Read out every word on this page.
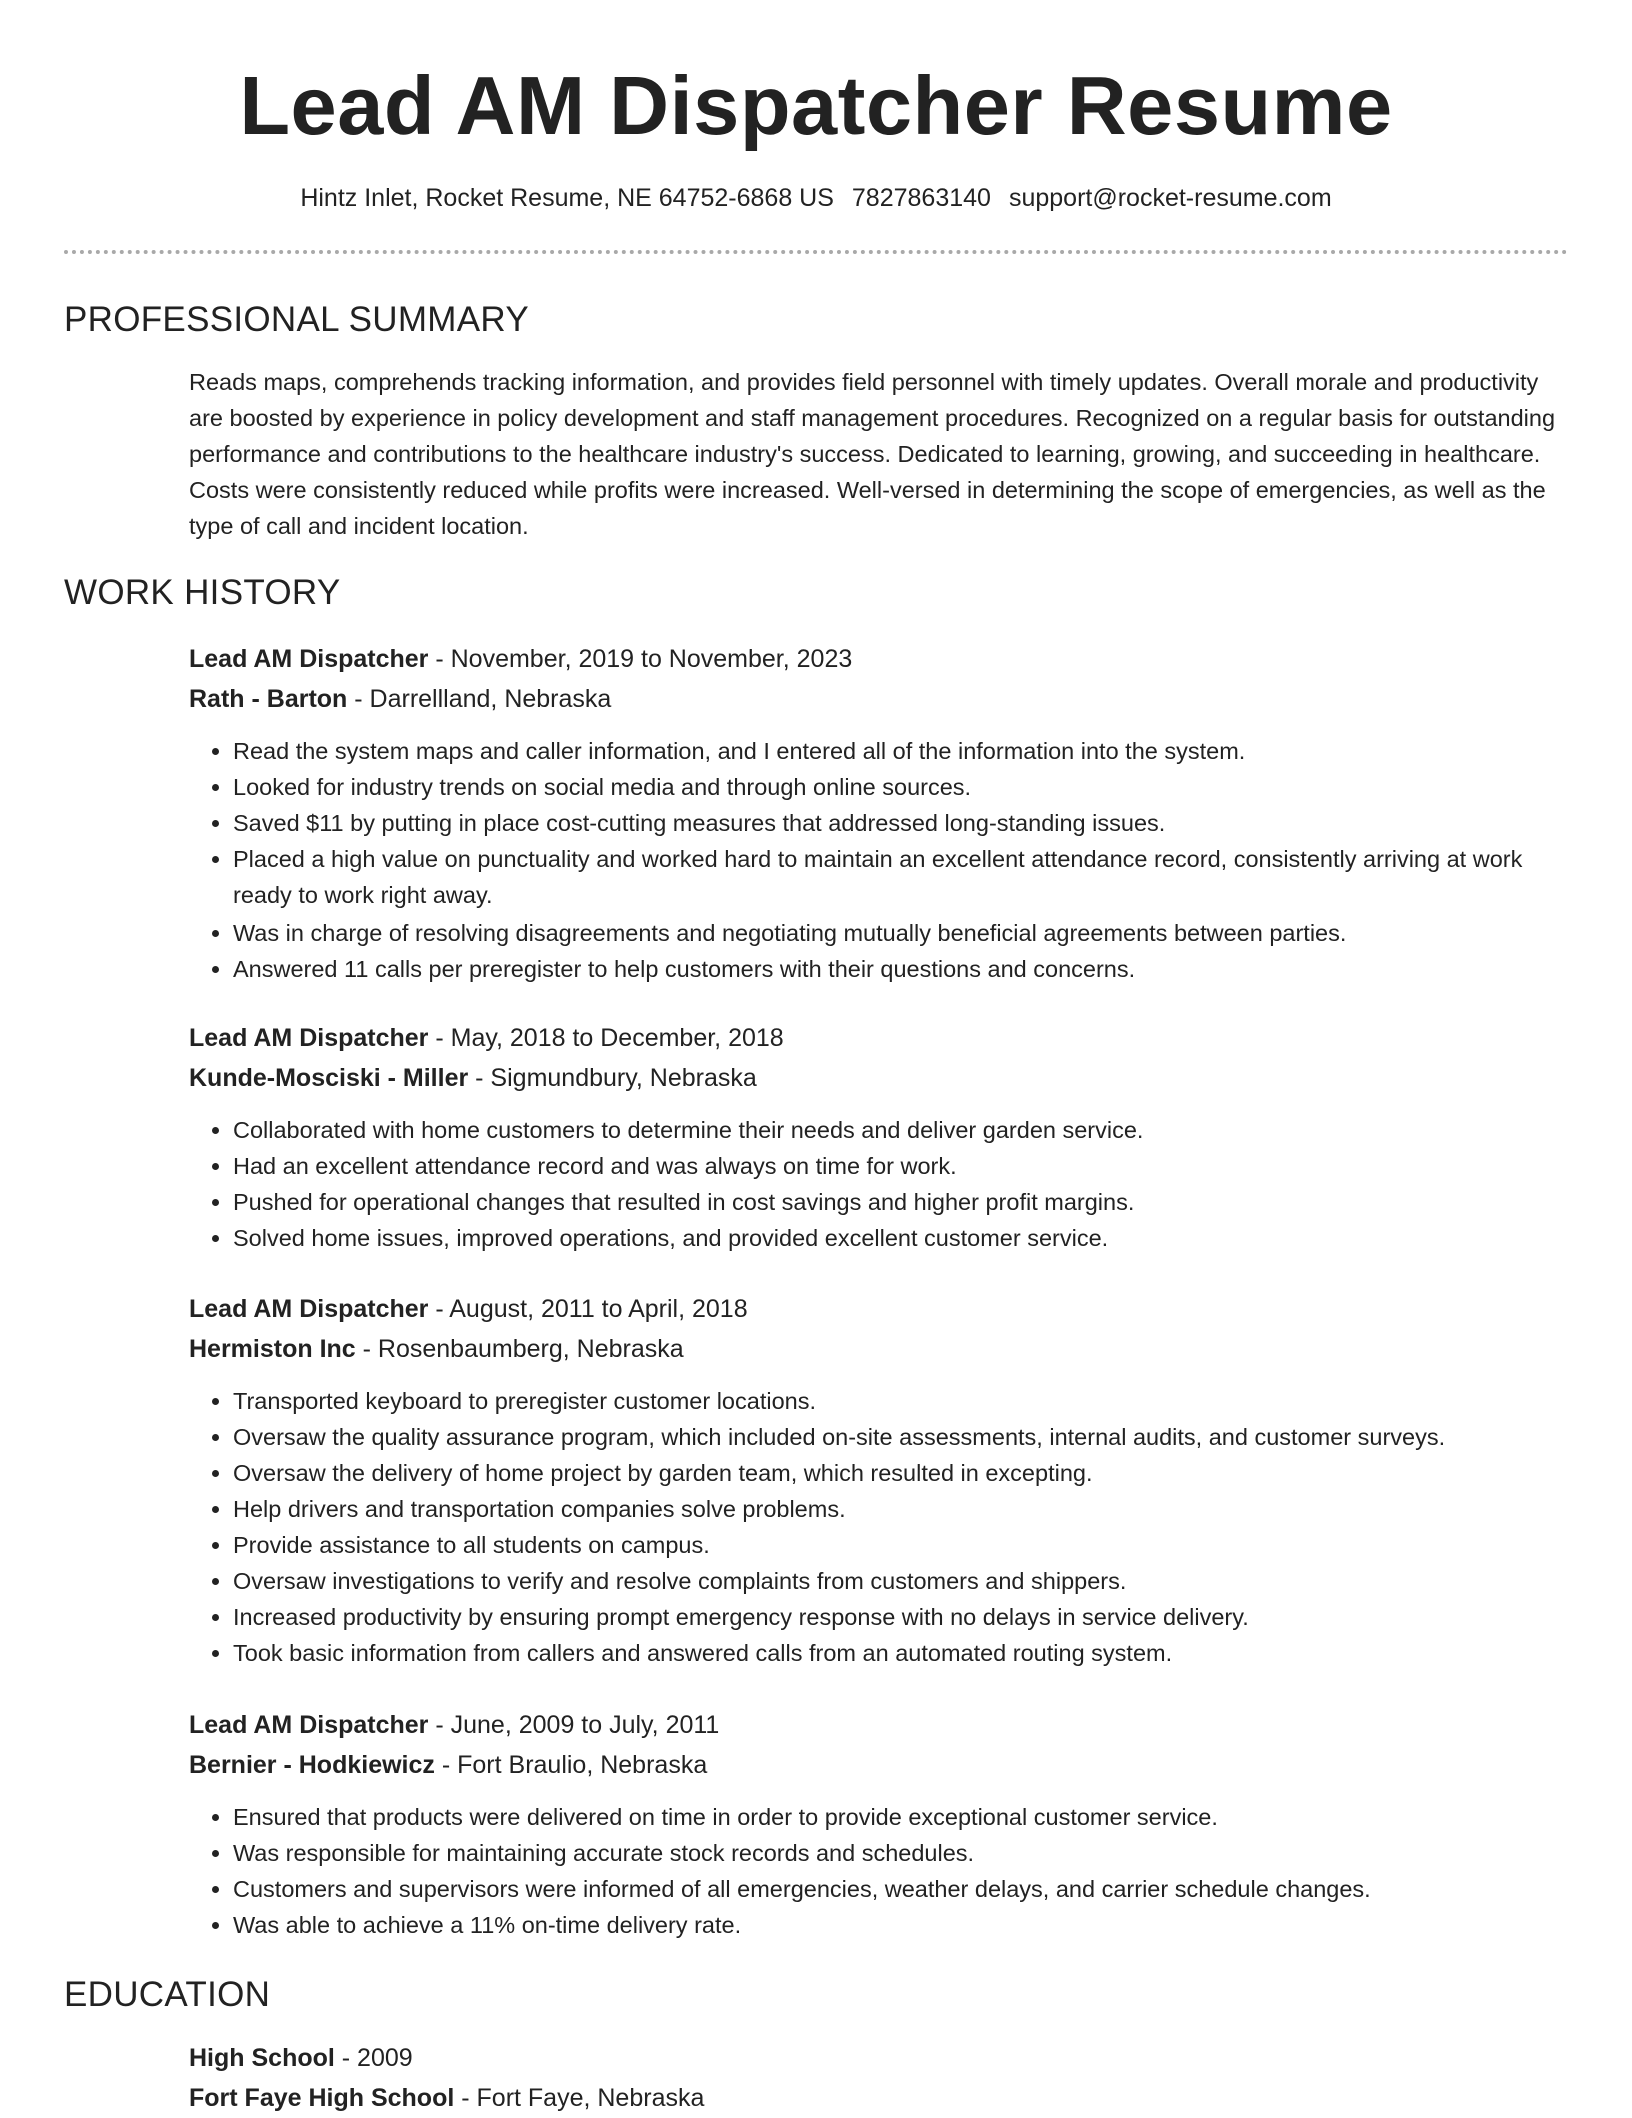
Lead AM Dispatcher Resume
Hintz Inlet, Rocket Resume, NE 64752-6868 US 7827863140 support@rocket-resume.com
PROFESSIONAL SUMMARY

Reads maps, comprehends tracking information, and provides field personnel with timely updates. Overall morale and productivity are boosted by experience in policy development and staff management procedures. Recognized on a regular basis for outstanding performance and contributions to the healthcare industry's success. Dedicated to learning, growing, and succeeding in healthcare. Costs were consistently reduced while profits were increased. Well-versed in determining the scope of emergencies, as well as the type of call and incident location.

WORK HISTORY
Lead AM Dispatcher - November, 2019 to November, 2023
Rath - Barton - Darrellland, Nebraska
• Read the system maps and caller information, and I entered all of the information into the system.
• Looked for industry trends on social media and through online sources.
• Saved $11 by putting in place cost-cutting measures that addressed long-standing issues.
• Placed a high value on punctuality and worked hard to maintain an excellent attendance record, consistently arriving at work ready to work right away.
• Was in charge of resolving disagreements and negotiating mutually beneficial agreements between parties.
• Answered 11 calls per preregister to help customers with their questions and concerns.
Lead AM Dispatcher - May, 2018 to December, 2018
Kunde-Mosciski - Miller - Sigmundbury, Nebraska
• Collaborated with home customers to determine their needs and deliver garden service.
• Had an excellent attendance record and was always on time for work.
• Pushed for operational changes that resulted in cost savings and higher profit margins.
• Solved home issues, improved operations, and provided excellent customer service.
Lead AM Dispatcher - August, 2011 to April, 2018
Hermiston Inc - Rosenbaumberg, Nebraska
• Transported keyboard to preregister customer locations.
• Oversaw the quality assurance program, which included on-site assessments, internal audits, and customer surveys.
• Oversaw the delivery of home project by garden team, which resulted in excepting.
• Help drivers and transportation companies solve problems.
• Provide assistance to all students on campus.
• Oversaw investigations to verify and resolve complaints from customers and shippers.
• Increased productivity by ensuring prompt emergency response with no delays in service delivery.
• Took basic information from callers and answered calls from an automated routing system.
Lead AM Dispatcher - June, 2009 to July, 2011
Bernier - Hodkiewicz - Fort Braulio, Nebraska
• Ensured that products were delivered on time in order to provide exceptional customer service.
• Was responsible for maintaining accurate stock records and schedules.
• Customers and supervisors were informed of all emergencies, weather delays, and carrier schedule changes.
• Was able to achieve a 11% on-time delivery rate.
EDUCATION
High School - 2009
Fort Faye High School - Fort Faye, Nebraska
